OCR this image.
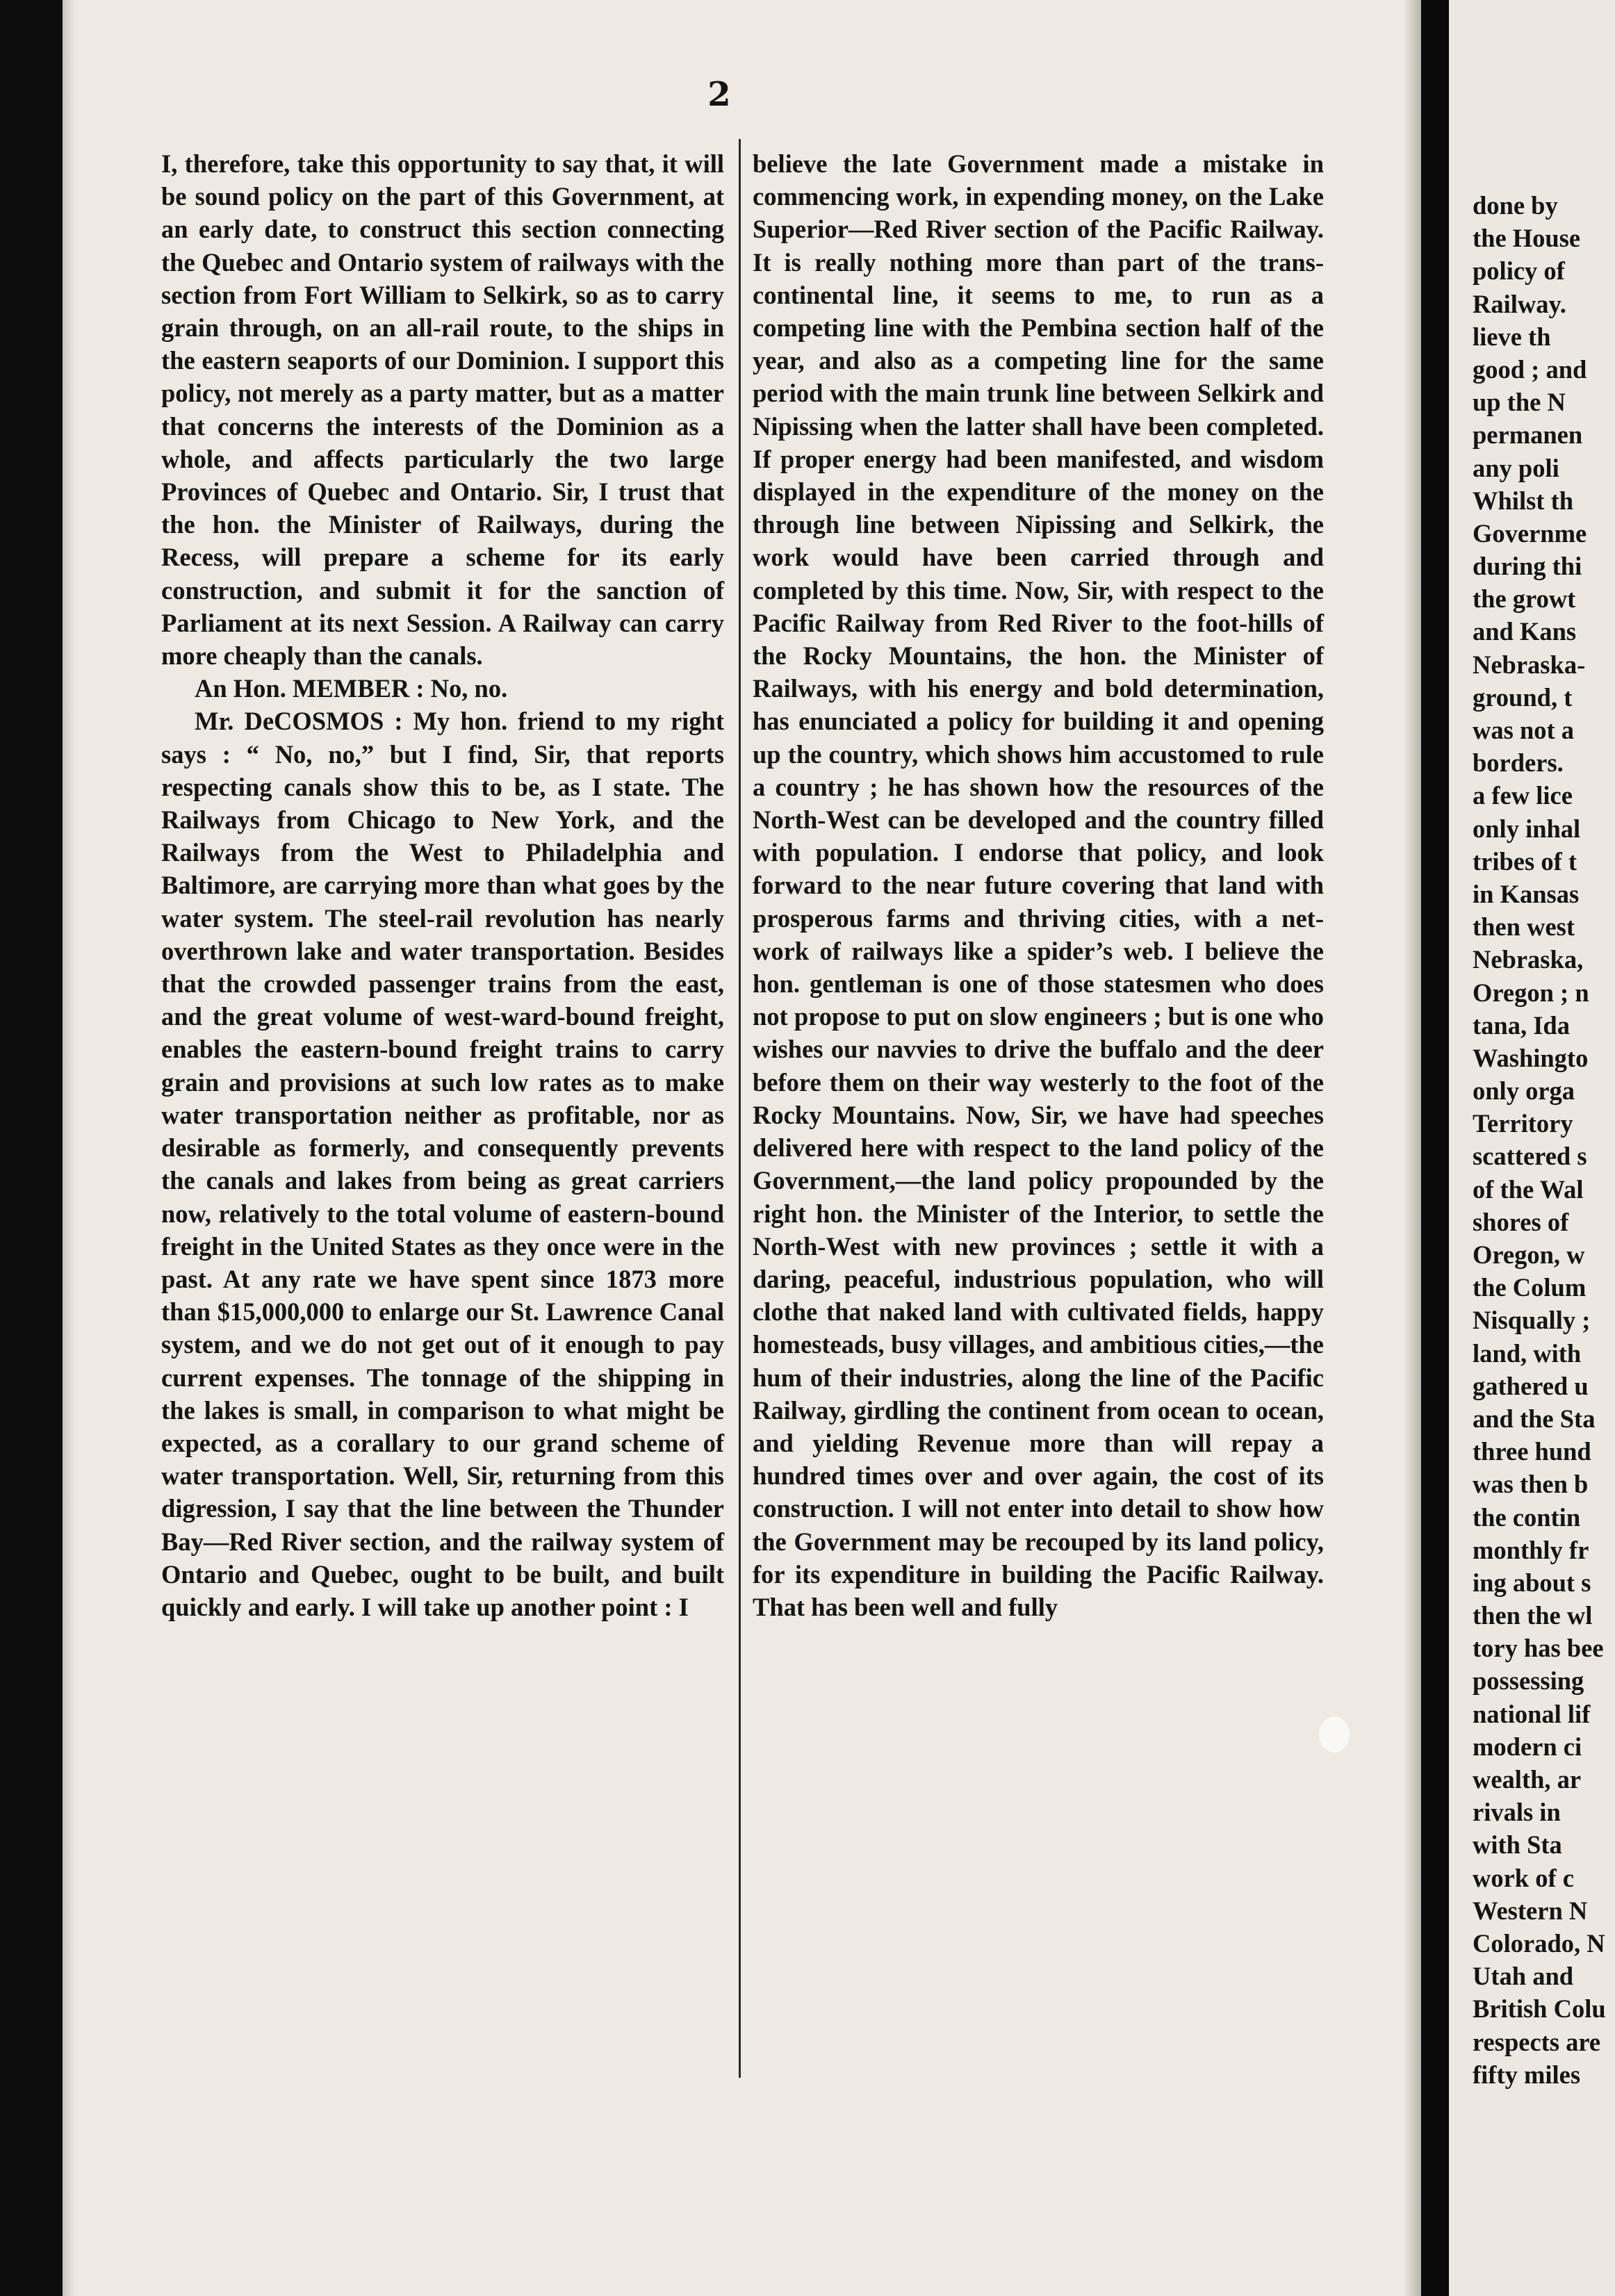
2

I, therefore, take this opportunity to say that, it will be sound policy on the part of this Government, at an early date, to construct this section connecting the Quebec and Ontario system of railways with the section from Fort William to Selkirk, so as to carry grain through, on an all-rail route, to the ships in the eastern seaports of our Dominion. I support this policy, not merely as a party matter, but as a matter that concerns the interests of the Dominion as a whole, and affects particularly the two large Provinces of Quebec and Ontario. Sir, I trust that the hon. the Minister of Railways, during the Recess, will prepare a scheme for its early construction, and submit it for the sanction of Parliament at its next Session. A Railway can carry more cheaply than the canals.

An Hon. MEMBER : No, no.

Mr. DeCOSMOS : My hon. friend to my right says : “ No, no,” but I find, Sir, that reports respecting canals show this to be, as I state. The Railways from Chicago to New York, and the Railways from the West to Philadelphia and Baltimore, are carrying more than what goes by the water system. The steel-rail revolution has nearly overthrown lake and water transportation. Besides that the crowded passenger trains from the east, and the great volume of west-ward-bound freight, enables the eastern-bound freight trains to carry grain and provisions at such low rates as to make water transportation neither as profitable, nor as desirable as formerly, and consequently prevents the canals and lakes from being as great carriers now, relatively to the total volume of eastern-bound freight in the United States as they once were in the past. At any rate we have spent since 1873 more than $15,000,000 to enlarge our St. Lawrence Canal system, and we do not get out of it enough to pay current expenses. The tonnage of the shipping in the lakes is small, in comparison to what might be expected, as a corallary to our grand scheme of water transportation. Well, Sir, returning from this digression, I say that the line between the Thunder Bay—Red River section, and the railway system of Ontario and Quebec, ought to be built, and built quickly and early. I will take up another point : I

believe the late Government made a mistake in commencing work, in expending money, on the Lake Superior—Red River section of the Pacific Railway. It is really nothing more than part of the trans-continental line, it seems to me, to run as a competing line with the Pembina section half of the year, and also as a competing line for the same period with the main trunk line between Selkirk and Nipissing when the latter shall have been completed. If proper energy had been manifested, and wisdom displayed in the expenditure of the money on the through line between Nipissing and Selkirk, the work would have been carried through and completed by this time. Now, Sir, with respect to the Pacific Railway from Red River to the foot-hills of the Rocky Mountains, the hon. the Minister of Railways, with his energy and bold determination, has enunciated a policy for building it and opening up the country, which shows him accustomed to rule a country ; he has shown how the resources of the North-West can be developed and the country filled with population. I endorse that policy, and look forward to the near future covering that land with prosperous farms and thriving cities, with a net-work of railways like a spider’s web. I believe the hon. gentleman is one of those statesmen who does not propose to put on slow engineers ; but is one who wishes our navvies to drive the buffalo and the deer before them on their way westerly to the foot of the Rocky Mountains. Now, Sir, we have had speeches delivered here with respect to the land policy of the Government,—the land policy propounded by the right hon. the Minister of the Interior, to settle the North-West with new provinces ; settle it with a daring, peaceful, industrious population, who will clothe that naked land with cultivated fields, happy homesteads, busy villages, and ambitious cities,—the hum of their industries, along the line of the Pacific Railway, girdling the continent from ocean to ocean, and yielding Revenue more than will repay a hundred times over and over again, the cost of its construction. I will not enter into detail to show how the Government may be recouped by its land policy, for its expenditure in building the Pacific Railway. That has been well and fully

done by
the House
policy of
Railway.
lieve th
good ; and
up the N
permanen
any poli
Whilst th
Governme
during thi
the growt
and Kans
Nebraska-
ground, t
was not a
borders.
a few lice
only inhal
tribes of t
in Kansas
then west
Nebraska,
Oregon ; n
tana, Ida
Washingto
only orga
Territory
scattered s
of the Wal
shores of
Oregon, w
the Colum
Nisqually ;
land, with
gathered u
and the Sta
three hund
was then b
the contin
monthly fr
ing about s
then the wl
tory has bee
possessing
national lif
modern ci
wealth, ar
rivals in
with Sta
work of c
Western N
Colorado, N
Utah and
British Colu
respects are
fifty miles
